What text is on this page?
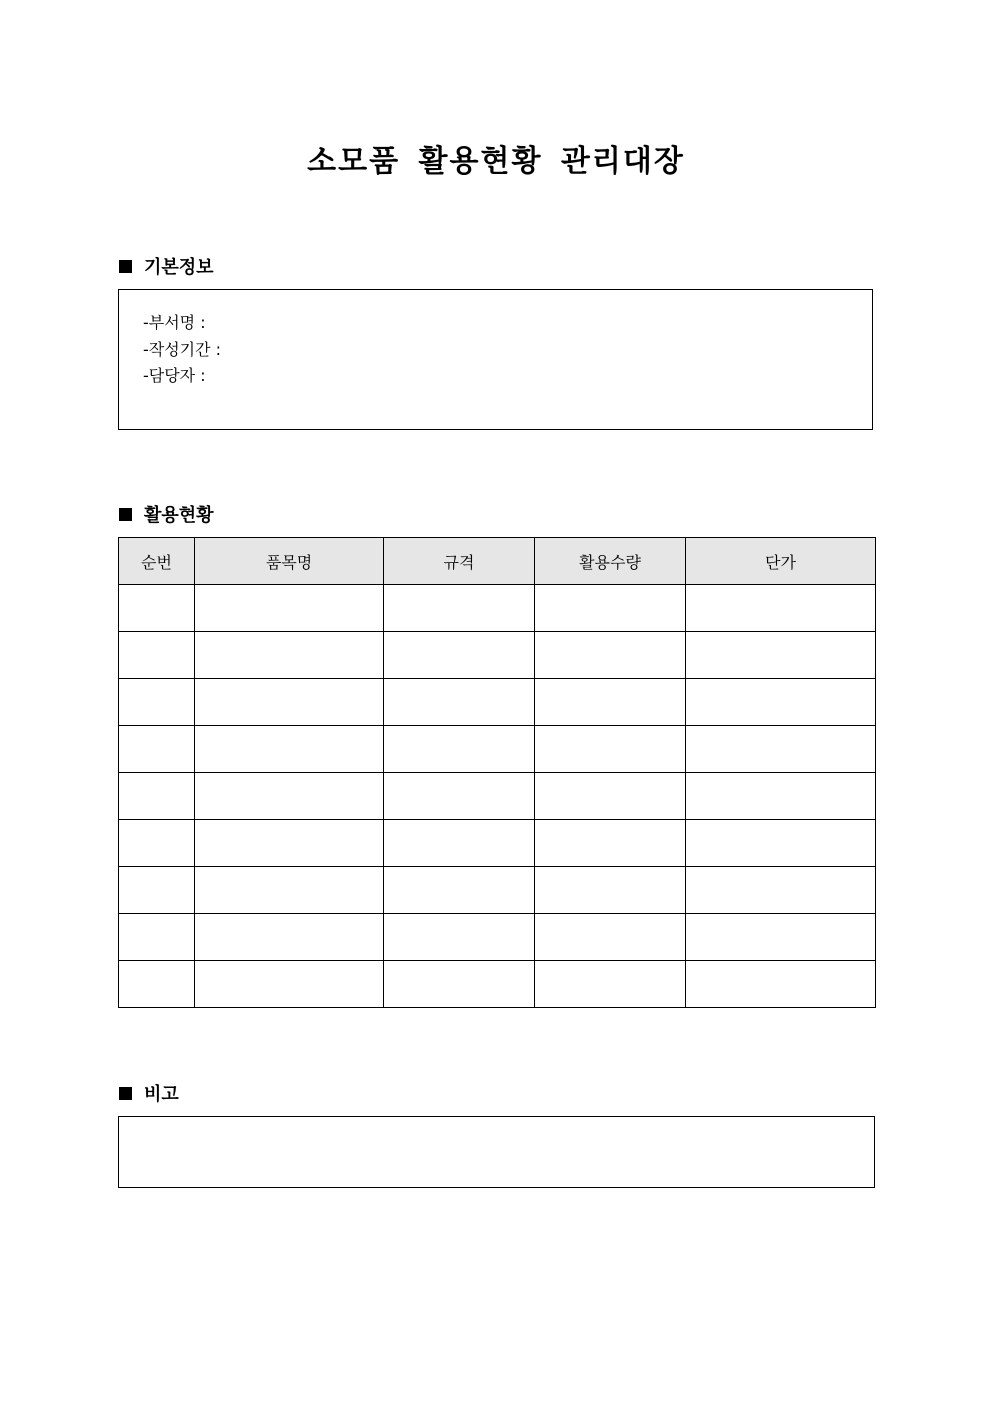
소모품 활용현황 관리대장
기본정보
-부서명 :
-작성기간 :
-담당자 :
활용현황
순번	품목명	규격	활용수량	단가

비고
